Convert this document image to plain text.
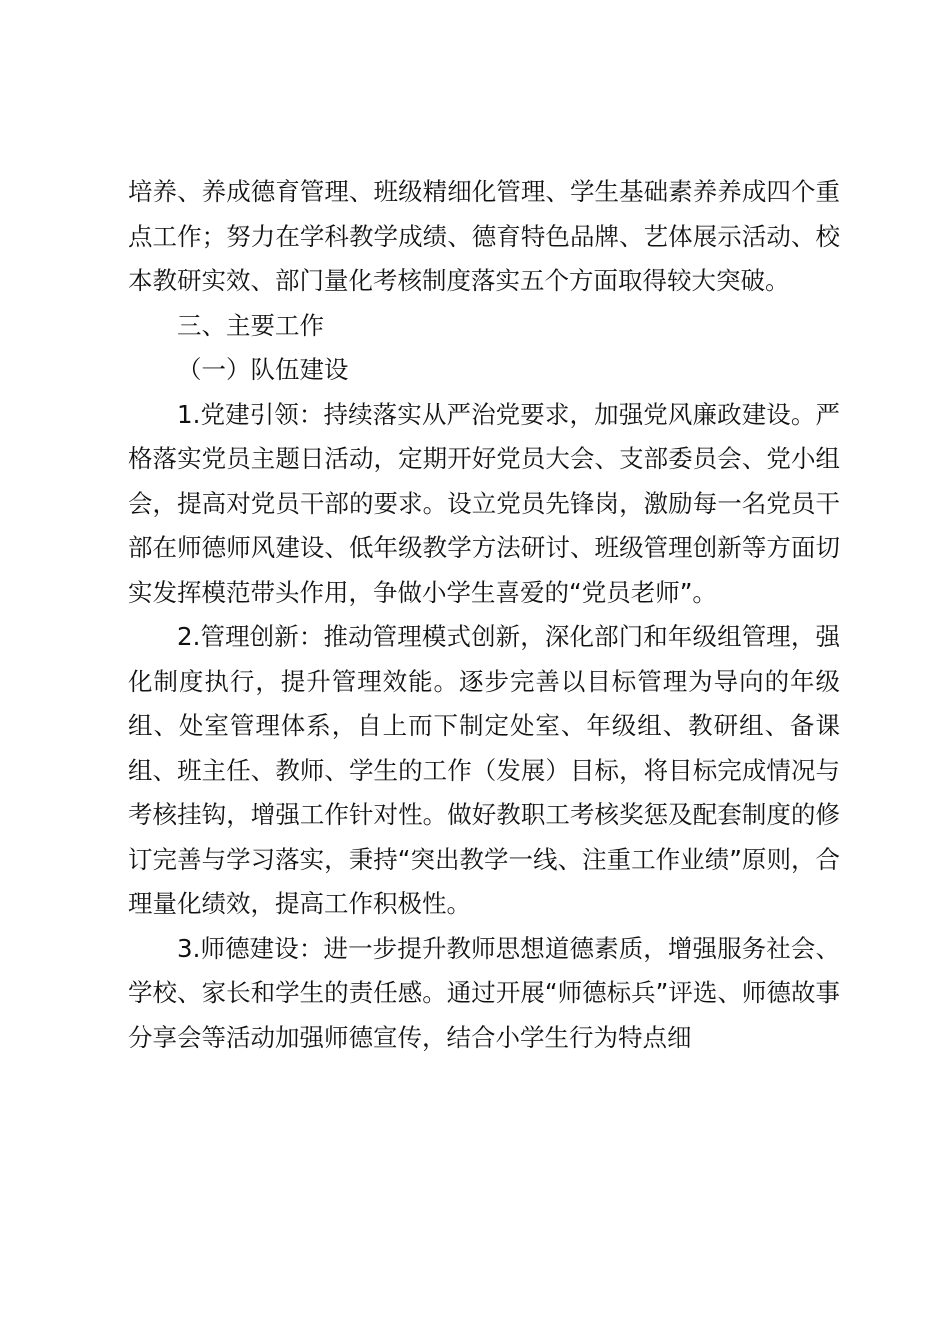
培养、养成德育管理、班级精细化管理、学生基础素养养成四个重点工作；努力在学科教学成绩、德育特色品牌、艺体展示活动、校本教研实效、部门量化考核制度落实五个方面取得较大突破。

三、主要工作

（一）队伍建设

1.党建引领：持续落实从严治党要求，加强党风廉政建设。严格落实党员主题日活动，定期开好党员大会、支部委员会、党小组会，提高对党员干部的要求。设立党员先锋岗，激励每一名党员干部在师德师风建设、低年级教学方法研讨、班级管理创新等方面切实发挥模范带头作用，争做小学生喜爱的“党员老师”。

2.管理创新：推动管理模式创新，深化部门和年级组管理，强化制度执行，提升管理效能。逐步完善以目标管理为导向的年级组、处室管理体系，自上而下制定处室、年级组、教研组、备课组、班主任、教师、学生的工作（发展）目标，将目标完成情况与考核挂钩，增强工作针对性。做好教职工考核奖惩及配套制度的修订完善与学习落实，秉持“突出教学一线、注重工作业绩”原则，合理量化绩效，提高工作积极性。

3.师德建设：进一步提升教师思想道德素质，增强服务社会、学校、家长和学生的责任感。通过开展“师德标兵”评选、师德故事分享会等活动加强师德宣传，结合小学生行为特点细
